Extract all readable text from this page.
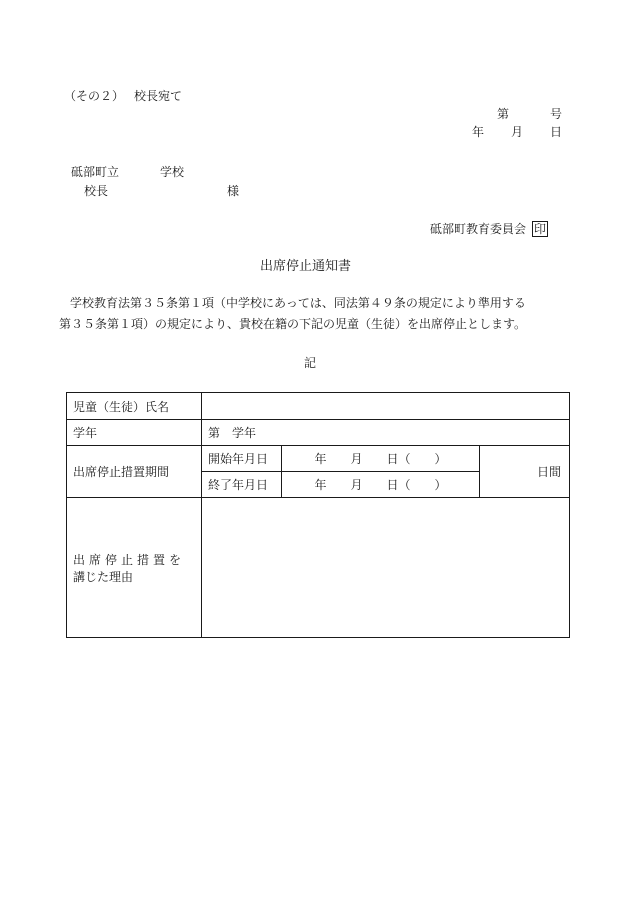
（その２） 校長宛て
第	号
年 月 日
砥部町立	学校
校長	様
砥部町教育委員会 印
出席停止通知書
学校教育法第３５条第１項（中学校にあっては、同法第４９条の規定により準用する
第３５条第１項）の規定により、貴校在籍の下記の児童（生徒）を出席停止とします。
記
児童（生徒）氏名			
学年	第　学年		
出席停止措置期間	開始年月日	年　　月　　日（　　）	日間
	終了年月日	年　　月　　日（　　）	

出席停止措置を
講じた理由			
